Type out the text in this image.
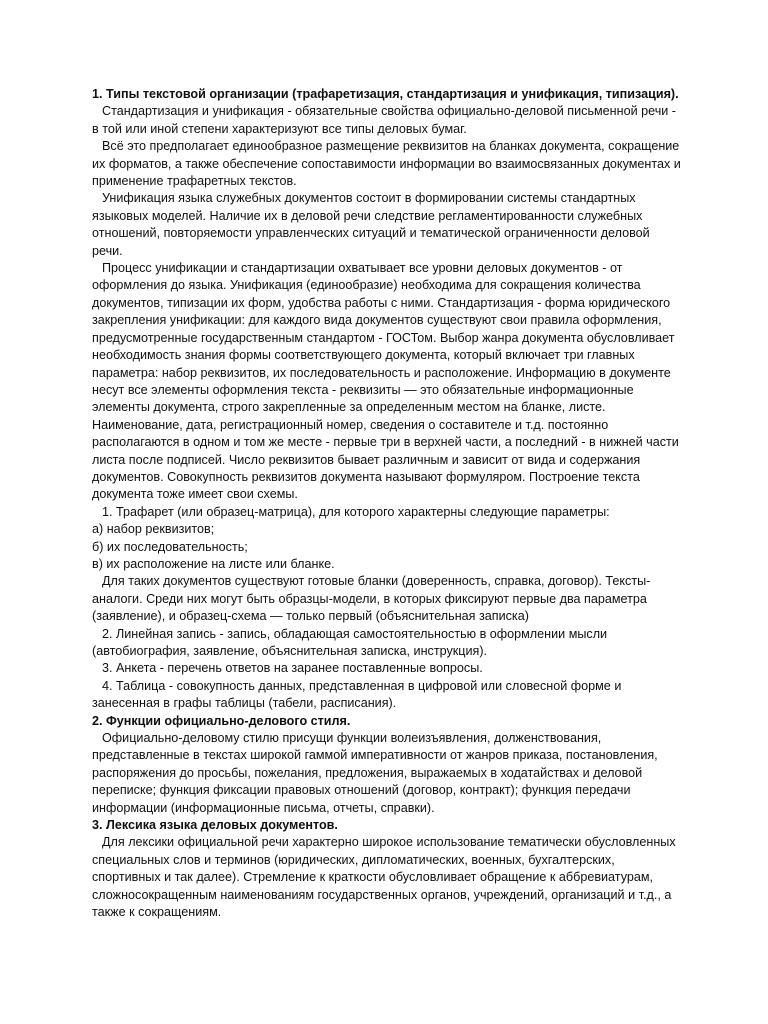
1. Типы текстовой организации (трафаретизация, стандартизация и унификация, типизация).

Стандартизация и унификация - обязательные свойства официально-деловой письменной речи - в той или иной степени характеризуют все типы деловых бумаг.

Всё это предполагает единообразное размещение реквизитов на бланках документа, сокращение их форматов, а также обеспечение сопоставимости информации во взаимосвязанных документах и применение трафаретных текстов.

Унификация языка служебных документов состоит в формировании системы стандартных языковых моделей. Наличие их в деловой речи следствие регламентированности служебных отношений, повторяемости управленческих ситуаций и тематической ограниченности деловой речи.

Процесс унификации и стандартизации охватывает все уровни деловых документов - от оформления до языка. Унификация (единообразие) необходима для сокращения количества документов, типизации их форм, удобства работы с ними. Стандартизация - форма юридического закрепления унификации: для каждого вида документов существуют свои правила оформления, предусмотренные государственным стандартом - ГОСТом. Выбор жанра документа обусловливает необходимость знания формы соответствующего документа, который включает три главных параметра: набор реквизитов, их последовательность и расположение. Информацию в документе несут все элементы оформления текста - реквизиты — это обязательные информационные элементы документа, строго закрепленные за определенным местом на бланке, листе. Наименование, дата, регистрационный номер, сведения о составителе и т.д. постоянно располагаются в одном и том же месте - первые три в верхней части, а последний - в нижней части листа после подписей. Число реквизитов бывает различным и зависит от вида и содержания документов. Совокупность реквизитов документа называют формуляром. Построение текста документа тоже имеет свои схемы.

1. Трафарет (или образец-матрица), для которого характерны следующие параметры:

а) набор реквизитов;

б) их последовательность;

в) их расположение на листе или бланке.

Для таких документов существуют готовые бланки (доверенность, справка, договор). Тексты-аналоги. Среди них могут быть образцы-модели, в которых фиксируют первые два параметра (заявление), и образец-схема — только первый (объяснительная записка)

2. Линейная запись - запись, обладающая самостоятельностью в оформлении мысли (автобиография, заявление, объяснительная записка, инструкция).

3. Анкета - перечень ответов на заранее поставленные вопросы.

4. Таблица - совокупность данных, представленная в цифровой или словесной форме и занесенная в графы таблицы (табели, расписания).

2. Функции официально-делового стиля.

Официально-деловому стилю присущи функции волеизъявления, долженствования, представленные в текстах широкой гаммой императивности от жанров приказа, постановления, распоряжения до просьбы, пожелания, предложения, выражаемых в ходатайствах и деловой переписке; функция фиксации правовых отношений (договор, контракт); функция передачи информации (информационные письма, отчеты, справки).

3. Лексика языка деловых документов.

Для лексики официальной речи характерно широкое использование тематически обусловленных специальных слов и терминов (юридических, дипломатических, военных, бухгалтерских, спортивных и так далее). Стремление к краткости обусловливает обращение к аббревиатурам, сложносокращенным наименованиям государственных органов, учреждений, организаций и т.д., а также к сокращениям.
